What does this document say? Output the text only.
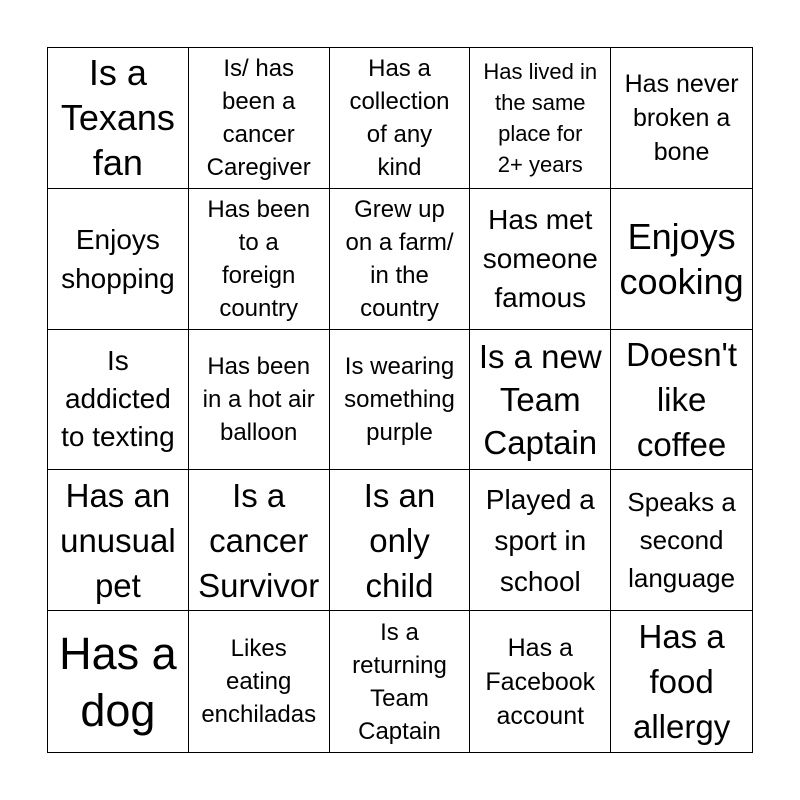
Is a
Texans
fan
Is/ has
been a
cancer
Caregiver
Has a
collection
of any
kind
Has lived in
the same
place for
2+ years
Has never
broken a
bone
Enjoys
shopping
Has been
to a
foreign
country
Grew up
on a farm/
in the
country
Has met
someone
famous
Enjoys
cooking
Is
addicted
to texting
Has been
in a hot air
balloon
Is wearing
something
purple
Is a new
Team
Captain
Doesn't
like
coffee
Has an
unusual
pet
Is a
cancer
Survivor
Is an
only
child
Played a
sport in
school
Speaks a
second
language
Has a
dog
Likes
eating
enchiladas
Is a
returning
Team
Captain
Has a
Facebook
account
Has a
food
allergy
